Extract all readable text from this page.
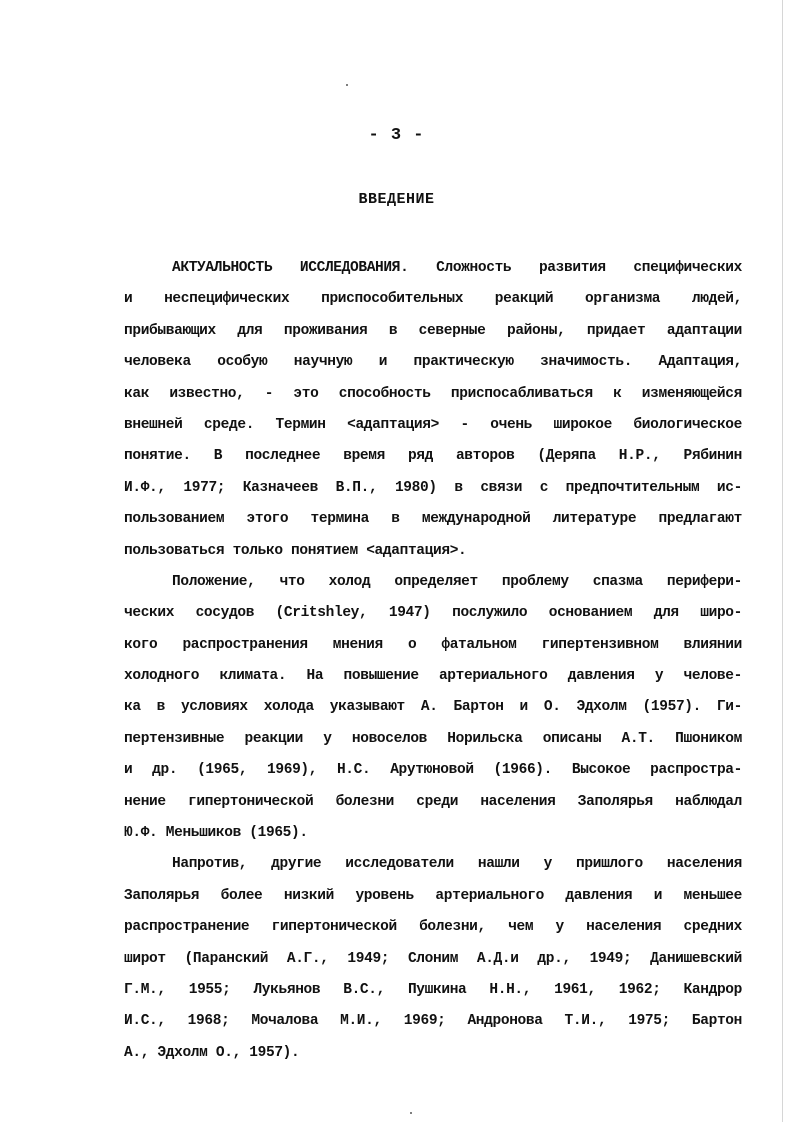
- 3 -
ВВЕДЕНИЕ
АКТУАЛЬНОСТЬ ИССЛЕДОВАНИЯ. Сложность развития специфических
и неспецифических приспособительных реакций организма людей,
прибывающих для проживания в северные районы, придает адаптации
человека особую научную и практическую значимость. Адаптация,
как известно, - это способность приспосабливаться к изменяющейся
внешней среде. Термин <адаптация> - очень широкое биологическое
понятие. В последнее время ряд авторов (Деряпа Н.Р., Рябинин
И.Ф., 1977; Казначеев В.П., 1980) в связи с предпочтительным ис-
пользованием этого термина в международной литературе предлагают
пользоваться только понятием <адаптация>.
Положение, что холод определяет проблему спазма перифери-
ческих сосудов (Critshley, 1947) послужило основанием для широ-
кого распространения мнения о фатальном гипертензивном влиянии
холодного климата. На повышение артериального давления у челове-
ка в условиях холода указывают А. Бартон и О. Эдхолм (1957). Ги-
пертензивные реакции у новоселов Норильска описаны А.Т. Пшоником
и др. (1965, 1969), Н.С. Арутюновой (1966). Высокое распростра-
нение гипертонической болезни среди населения Заполярья наблюдал
Ю.Ф. Меньшиков (1965).
Напротив, другие исследователи нашли у пришлого населения
Заполярья более низкий уровень артериального давления и меньшее
распространение гипертонической болезни, чем у населения средних
широт (Паранский А.Г., 1949; Слоним А.Д.и др., 1949; Данишевский
Г.М., 1955; Лукьянов В.С., Пушкина Н.Н., 1961, 1962; Кандрор
И.С., 1968; Мочалова М.И., 1969; Андронова Т.И., 1975; Бартон
А., Эдхолм О., 1957).
